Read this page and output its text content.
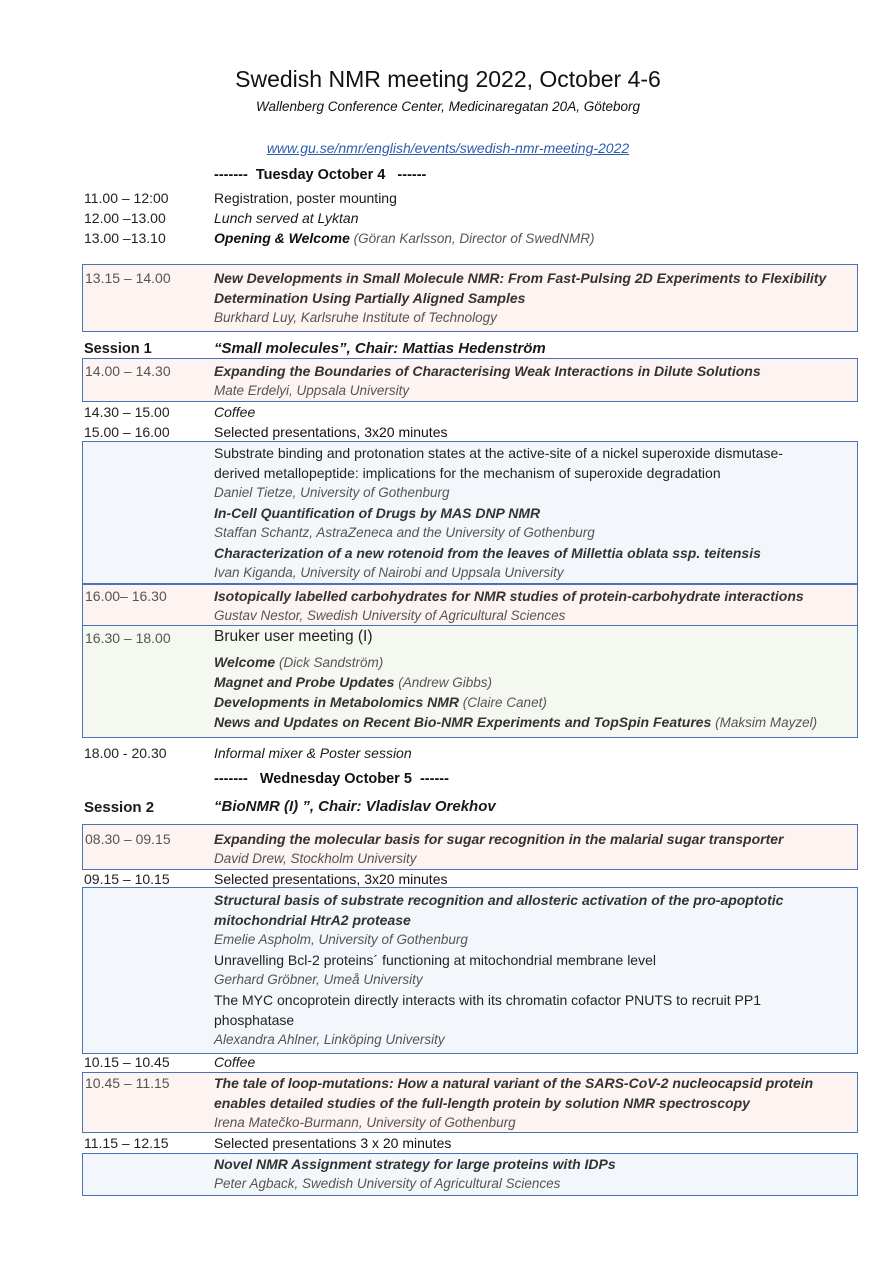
Swedish NMR meeting 2022, October 4-6
Wallenberg Conference Center, Medicinaregatan 20A, Göteborg
www.gu.se/nmr/english/events/swedish-nmr-meeting-2022
-------  Tuesday October 4   ------
11.00 – 12:00	Registration, poster mounting
12.00 –13.00	Lunch served at Lyktan
13.00 –13.10	Opening & Welcome (Göran Karlsson, Director of SwedNMR)
13.15 – 14.00	New Developments in Small Molecule NMR: From Fast-Pulsing 2D Experiments to Flexibility
Determination Using Partially Aligned Samples
Burkhard Luy, Karlsruhe Institute of Technology
Session 1	“Small molecules”, Chair: Mattias Hedenström
14.00 – 14.30	Expanding the Boundaries of Characterising Weak Interactions in Dilute Solutions
Mate Erdelyi, Uppsala University
14.30 – 15.00	Coffee
15.00 – 16.00	Selected presentations, 3x20 minutes
Substrate binding and protonation states at the active-site of a nickel superoxide dismutase-
derived metallopeptide: implications for the mechanism of superoxide degradation
Daniel Tietze, University of Gothenburg
In-Cell Quantification of Drugs by MAS DNP NMR
Staffan Schantz, AstraZeneca and the University of Gothenburg
Characterization of a new rotenoid from the leaves of Millettia oblata ssp. teitensis
Ivan Kiganda, University of Nairobi and Uppsala University
16.00– 16.30	Isotopically labelled carbohydrates for NMR studies of protein-carbohydrate interactions
Gustav Nestor, Swedish University of Agricultural Sciences
16.30 – 18.00	Bruker user meeting (I)
Welcome (Dick Sandström)
Magnet and Probe Updates (Andrew Gibbs)
Developments in Metabolomics NMR (Claire Canet)
News and Updates on Recent Bio-NMR Experiments and TopSpin Features (Maksim Mayzel)
18.00 - 20.30	Informal mixer & Poster session
-------   Wednesday October 5  ------
Session 2	“BioNMR (I) ”, Chair: Vladislav Orekhov
08.30 – 09.15	Expanding the molecular basis for sugar recognition in the malarial sugar transporter
David Drew, Stockholm University
09.15 – 10.15	Selected presentations, 3x20 minutes
Structural basis of substrate recognition and allosteric activation of the pro-apoptotic
mitochondrial HtrA2 protease
Emelie Aspholm, University of Gothenburg
Unravelling Bcl-2 proteins´ functioning at mitochondrial membrane level
Gerhard Gröbner, Umeå University
The MYC oncoprotein directly interacts with its chromatin cofactor PNUTS to recruit PP1
phosphatase
Alexandra Ahlner, Linköping University
10.15 – 10.45	Coffee
10.45 – 11.15	The tale of loop-mutations: How a natural variant of the SARS-CoV-2 nucleocapsid protein
enables detailed studies of the full-length protein by solution NMR spectroscopy
Irena Matečko-Burmann, University of Gothenburg
11.15 – 12.15	Selected presentations 3 x 20 minutes
Novel NMR Assignment strategy for large proteins with IDPs
Peter Agback, Swedish University of Agricultural Sciences
